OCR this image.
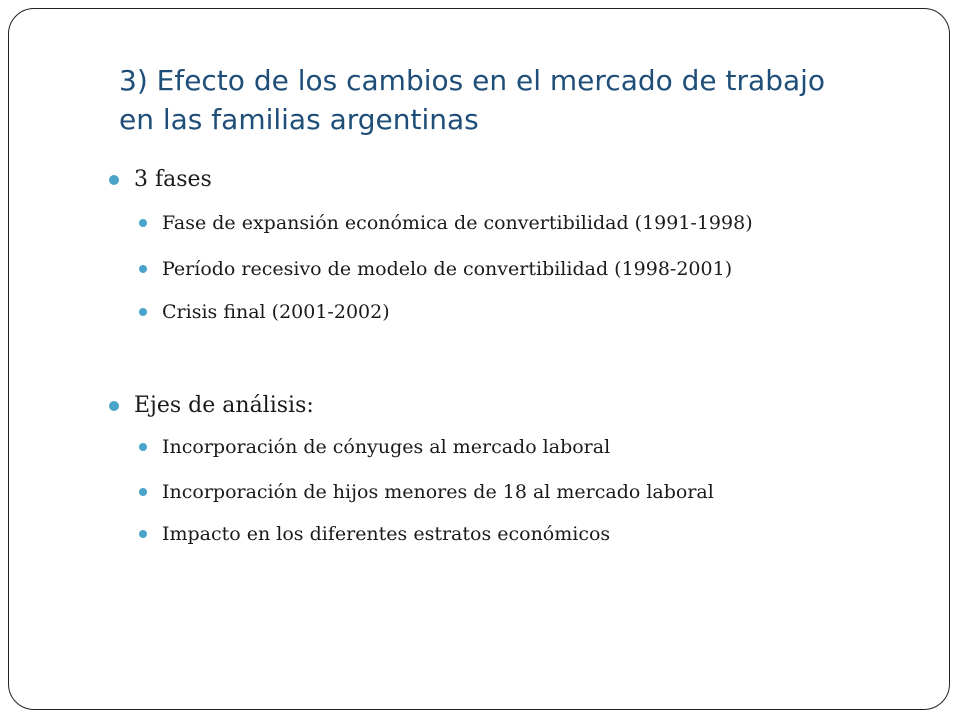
3) Efecto de los cambios en el mercado de trabajo
en las familias argentinas
3 fases
Fase de expansión económica de convertibilidad (1991-1998)
Período recesivo de modelo de convertibilidad (1998-2001)
Crisis final (2001-2002)
Ejes de análisis:
Incorporación de cónyuges al mercado laboral
Incorporación de hijos menores de 18 al mercado laboral
Impacto en los diferentes estratos económicos
